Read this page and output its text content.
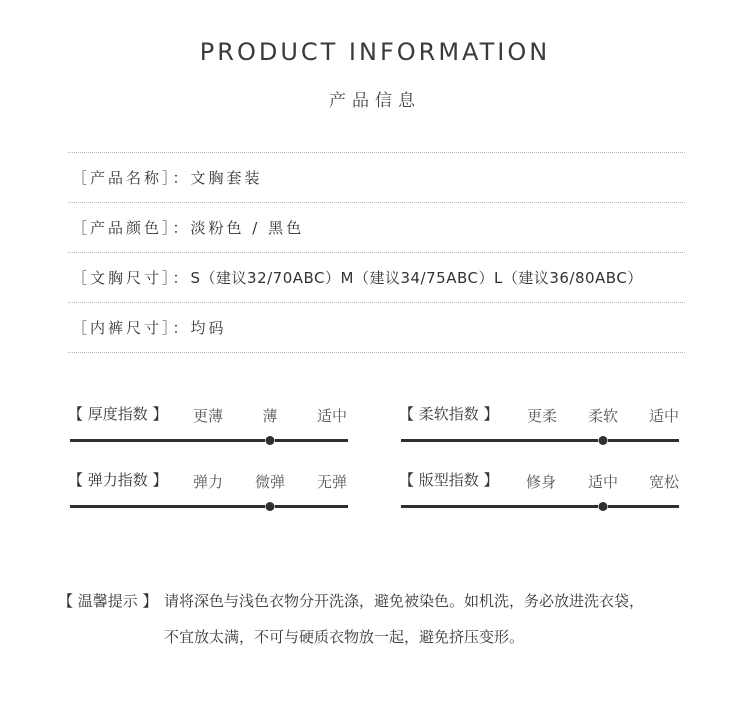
PRODUCT INFORMATION
产品信息
［产品名称］： 文胸套装
［产品颜色］： 淡粉色 / 黑色
［文胸尺寸］： S（建议32/70ABC）M（建议34/75ABC）L（建议36/80ABC）
［内裤尺寸］： 均码
【 厚度指数 】 更薄	薄	适中	【 柔软指数 】 更柔 柔软 适中
【 弹力指数 】 弹力 微弹 无弹	【 版型指数 】 修身 适中 宽松
【 温馨提示 】 请将深色与浅色衣物分开洗涤，避免被染色。如机洗，务必放进洗衣袋，
不宜放太满，不可与硬质衣物放一起，避免挤压变形。
